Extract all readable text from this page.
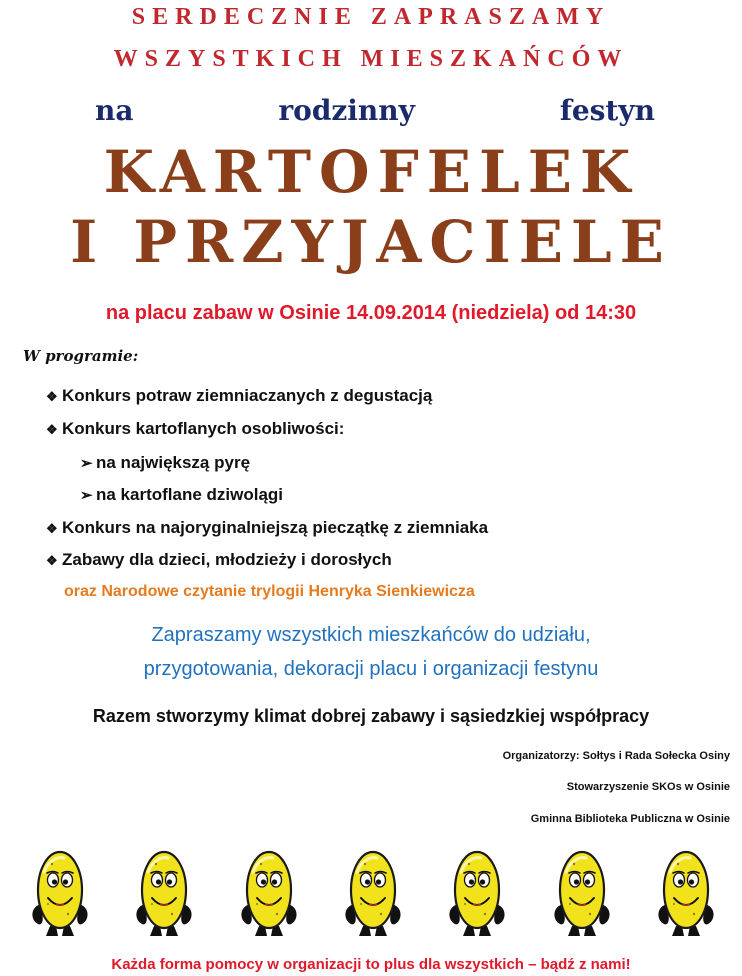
SERDECZNIE ZAPRASZAMY
WSZYSTKICH MIESZKAŃCÓW
na	rodzinny	festyn
KARTOFELEK
I PRZYJACIELE
na placu zabaw w Osinie 14.09.2014 (niedziela) od 14:30
W programie:
❖ Konkurs potraw ziemniaczanych z degustacją
❖ Konkurs kartoflanych osobliwości:
➢ na największą pyrę
➢ na kartoflane dziwolągi
❖ Konkurs na najoryginalniejszą pieczątkę z ziemniaka
❖ Zabawy dla dzieci, młodzieży i dorosłych
oraz Narodowe czytanie trylogii Henryka Sienkiewicza
Zapraszamy wszystkich mieszkańców do udziału,
przygotowania, dekoracji placu i organizacji festynu
Razem stworzymy klimat dobrej zabawy i sąsiedzkiej współpracy
Organizatorzy: Sołtys i Rada Sołecka Osiny
Stowarzyszenie SKOs w Osinie
Gminna Biblioteka Publiczna w Osinie
Każda forma pomocy w organizacji to plus dla wszystkich – bądź z nami!
